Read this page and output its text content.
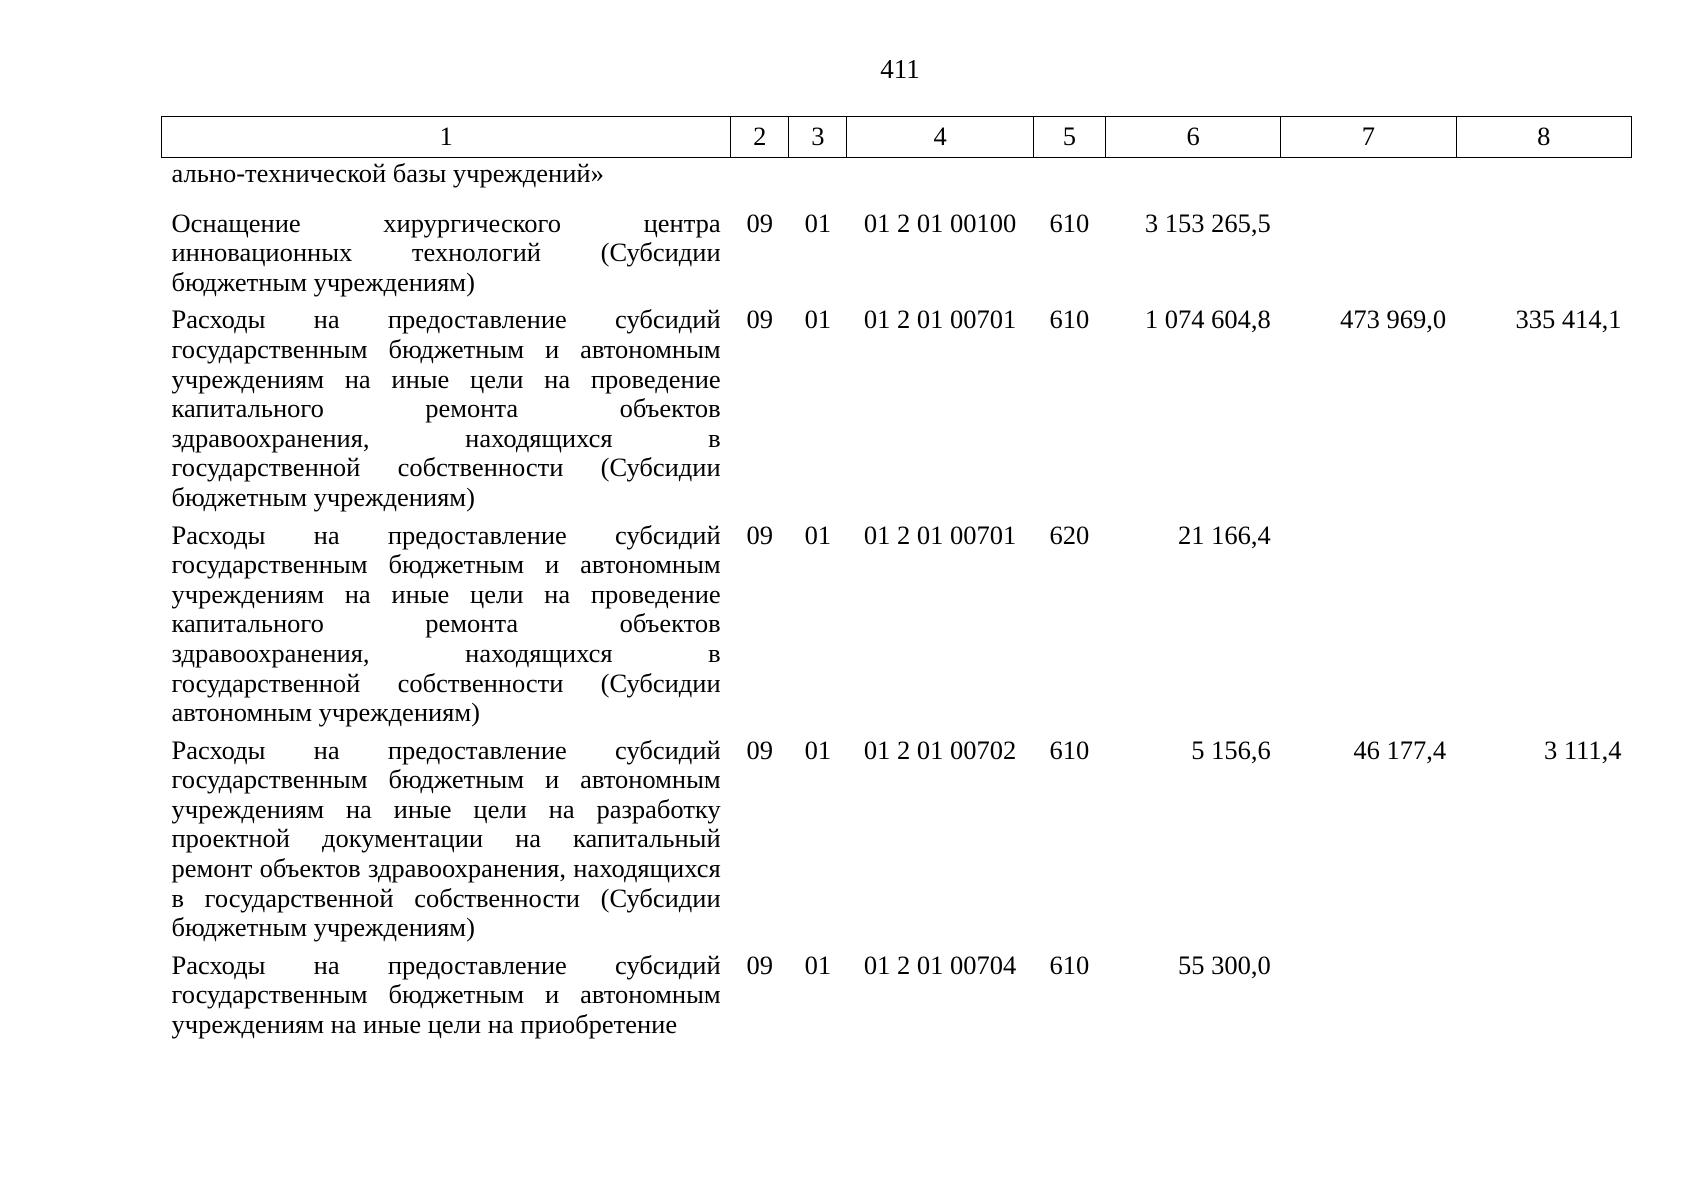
411
1	2	3	4	5	6	7	8
ально-технической базы учреждений»							

Оснащение хирургического центра инновационных технологий (Субсидии бюджетным учреждениям)	09	01	01 2 01 00100	610	3 153 265,5		
Расходы на предоставление субсидий государственным бюджетным и автономным учреждениям на иные цели на проведение капитального ремонта объектов здравоохранения, находящихся в государственной собственности (Субсидии бюджетным учреждениям)	09	01	01 2 01 00701	610	1 074 604,8	473 969,0	335 414,1
Расходы на предоставление субсидий государственным бюджетным и автономным учреждениям на иные цели на проведение капитального ремонта объектов здравоохранения, находящихся в государственной собственности (Субсидии автономным учреждениям)	09	01	01 2 01 00701	620	21 166,4		
Расходы на предоставление субсидий государственным бюджетным и автономным учреждениям на иные цели на разработку проектной документации на капитальный ремонт объектов здравоохранения, находящихся в государственной собственности (Субсидии бюджетным учреждениям)	09	01	01 2 01 00702	610	5 156,6	46 177,4	3 111,4
Расходы на предоставление субсидий государственным бюджетным и автономным учреждениям на иные цели на приобретение	09	01	01 2 01 00704	610	55 300,0		
